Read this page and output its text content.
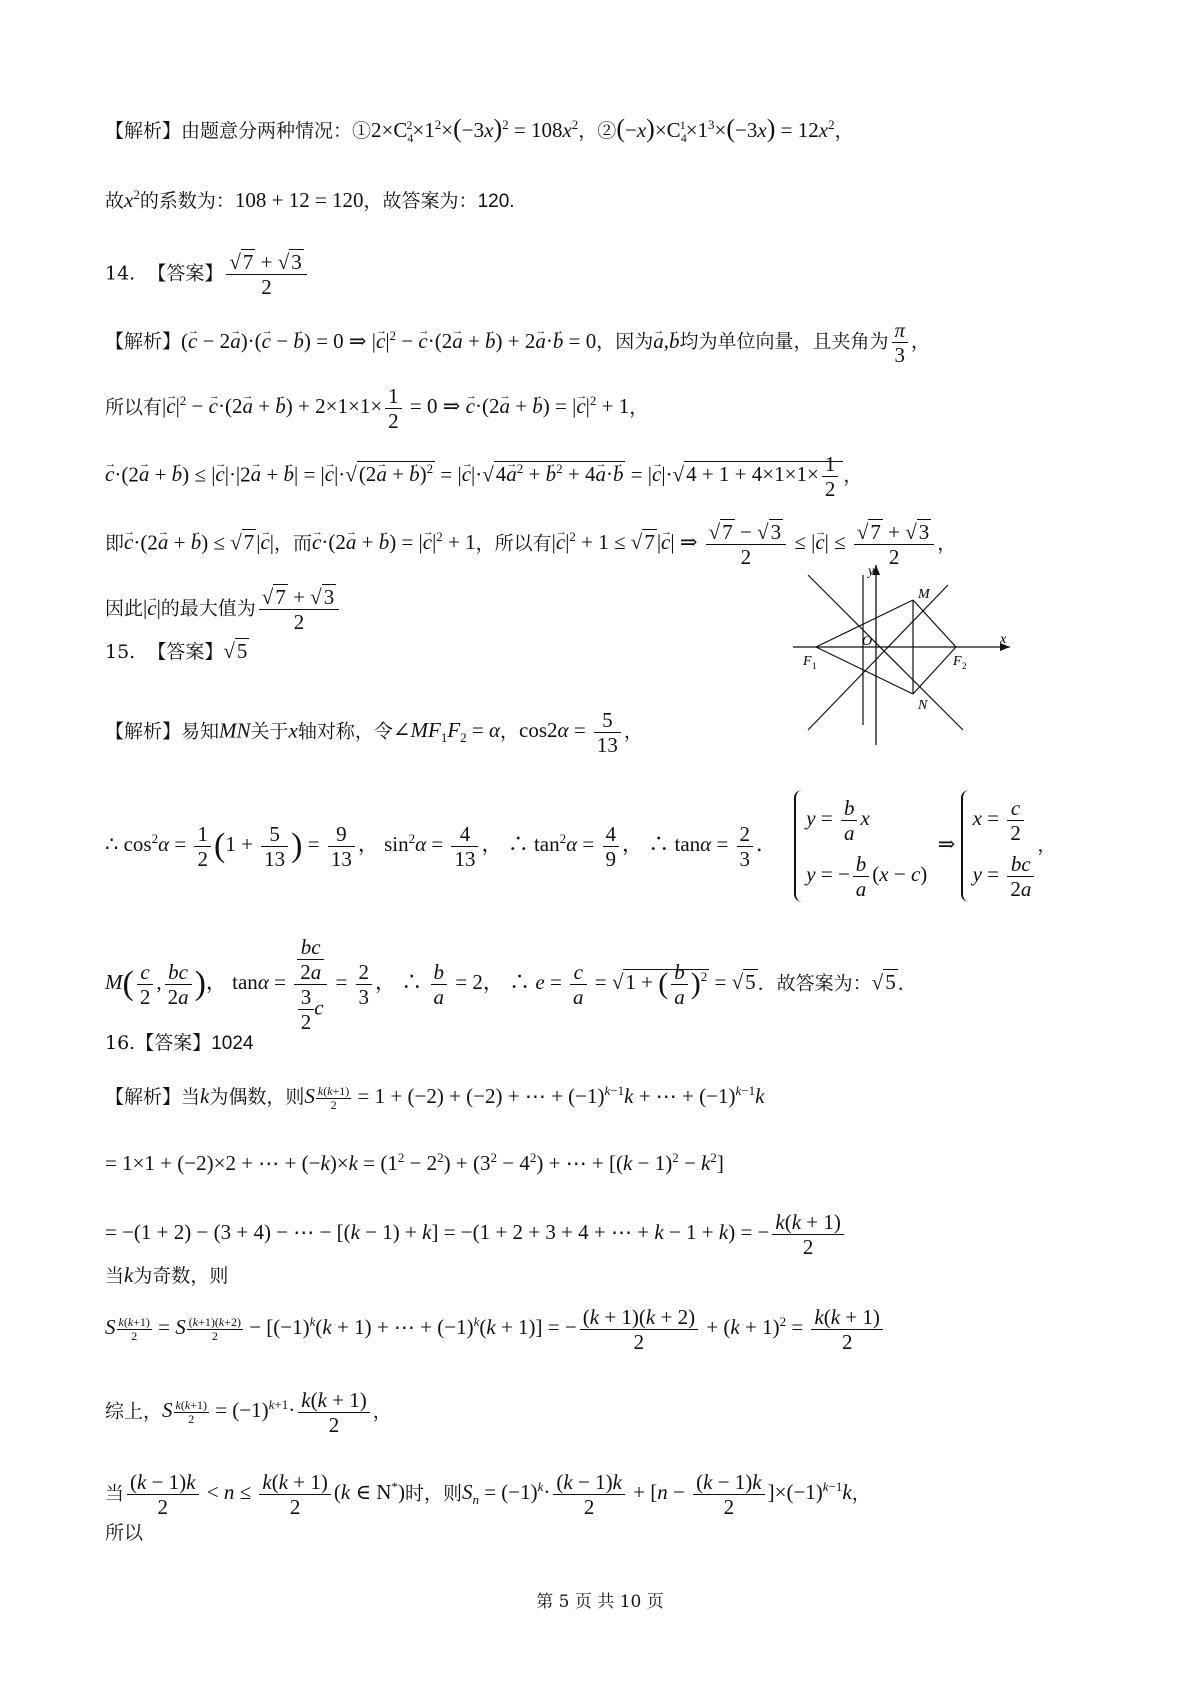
【解析】由题意分两种情况：$①2\times C_4^2\times 1^2\times(-3x)^2 = 108x^2$，$②(-x)\times C_4^1\times 1^3\times(-3x) = 12x^2$，
故$x^2$的系数为：108 + 12 = 120，故答案为：120.
14. 【答案】 $\frac{√7 + √3}{2}$
【解析】(c → − 2a →)·(c → − b →) = 0 ⇒ $|c \to|^2 - c \to\cdot(2a$ → + b →) + 2a →·b → = 0，因为a →,b →均为单位向量，且夹角为 $\frac{\pi}{3}$ ，
所以有$|c \to|^2 - c \to\cdot(2a$ → + b →) + $2\times 1\times 1\times \frac{1}{2} = 0$ ⇒ c →·(2a → + b →) = $|c \to|^2 + 1$，
c →·(2a → + b →) ≤ |c →|·|2a → + b →| = |c →|·√(2a → + b →)$^2$ = |c →|·√4a →$^2$ + b →$^2$ + 4a →·b → = $|c \to|\cdot√4 + 1 + 4\times 1\times 1\times \frac{1}{2}$ ，
即c →·(2a → + b →) ≤ √7|c →|，而c →·(2a → + b →) = $|c \to|^2 + 1$，所以有$|c \to|^2 + 1 \le √7|c$ →| ⇒ $\frac{√7 - √3}{2} \le |c$ →| ≤ $\frac{√7 + √3}{2}$ ，
因此|c →|的最大值为 $\frac{√7 + √3}{2}$
15. 【答案】√5
【解析】易知MN关于x轴对称，令$\angle MF_1F_2 = \alpha$，$\cos 2\alpha = \frac{5}{13}$ ，
∴ $\cos^2\alpha = \frac{1}{2} (1 + \frac{5}{13}$ ) = $\frac{9}{13}$ ， $\sin^2\alpha = \frac{4}{13}$ ， ∴ $\tan^2\alpha = \frac{4}{9}$ ， ∴ $\tan\alpha = \frac{2}{3}$ ．
$y = \frac{b}{a}$ x
y = − $\frac{b}{a} (x - c)$
⇒
$x = \frac{c}{2}$
$y = \frac{bc}{2a}$
，
$M( \frac{c}{2}$ , $\frac{bc}{2a}$ )， $\tan\alpha = \frac{\frac{bc}{2a}}{\frac{3}{2} c} = \frac{2}{3}$ ， ∴ $\frac{b}{a} = 2$， ∴ $e = \frac{c}{a} = √1$ + ( $\frac{b}{a} )^2 = √5$ ．故答案为：√5 ．
y
x
M
N
O
F 1	F 2
16.【答案】1024
【解析】当k为偶数，则S $\frac{k(k+1)}{2} = 1 + (-2) + (-2)$ + ⋯ + $(-1)^{k-1}k$ + ⋯ + $(-1)^{k-1}k$
= 1×1 + (−2)×2 + ⋯ + $(-k)\times k = (1^2 - 2^2) + (3^2 - 4^2)$ + ⋯ + $[(k - 1)^2 - k^2]$
= −(1 + 2) − (3 + 4) − ⋯ − [(k − 1) + k] = −(1 + 2 + 3 + 4 + ⋯ + k − 1 + k) = − $\frac{k(k + 1)}{2}$
当k为奇数，则
S $\frac{k(k+1)}{2} = S \frac{(k+1)(k+2)}{2} - [(-1)^k(k + 1)$ + ⋯ + $(-1)^k(k + 1)$] = − $\frac{(k + 1)(k + 2)}{2} + (k + 1)^2 = \frac{k(k + 1)}{2}$
综上，S $\frac{k(k+1)}{2} = (-1)^{k+1}\cdot \frac{k(k + 1)}{2}$ ，
当 $\frac{(k - 1)k}{2} < n \le \frac{k(k + 1)}{2} (k$ ∈ N*)时，则$S_n = (-1)^k\cdot \frac{(k - 1)k}{2} + [n - \frac{(k - 1)k}{2} ]\times(-1)^{k-1}k$，
所以
第 5 页 共 10 页
